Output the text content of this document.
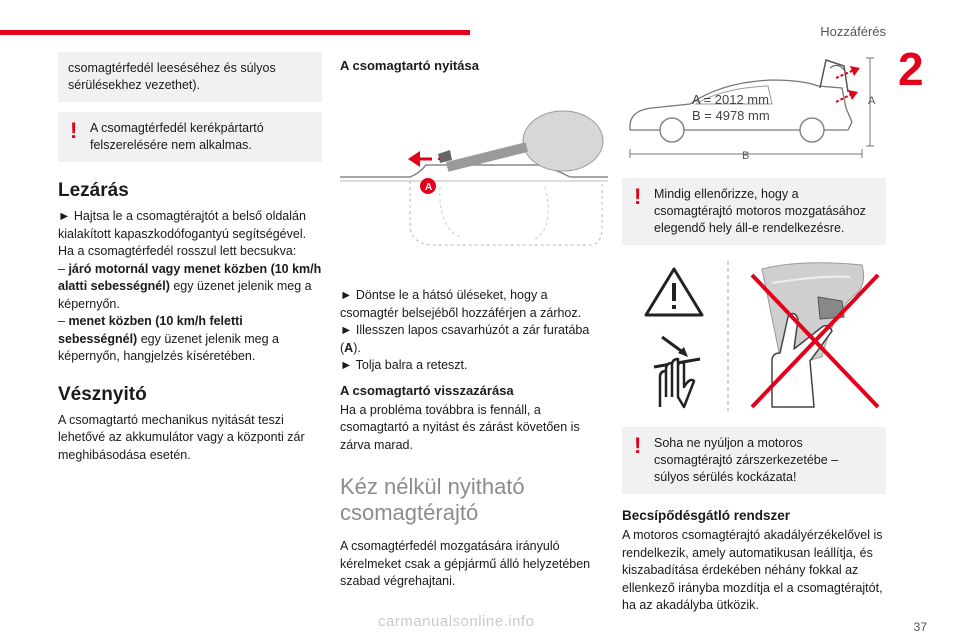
Hozzáférés
2
csomagtérfedél leeséséhez és súlyos sérülésekhez vezethet).
! A csomagtérfedél kerékpártartó felszerelésére nem alkalmas.
Lezárás
► Hajtsa le a csomagtérajtót a belső oldalán kialakított kapaszkodófogantyú segítségével.
Ha a csomagtérfedél rosszul lett becsukva:
– járó motornál vagy menet közben (10 km/h alatti sebességnél) egy üzenet jelenik meg a képernyőn.
– menet közben (10 km/h feletti sebességnél) egy üzenet jelenik meg a képernyőn, hangjelzés kíséretében.
Vésznyitó
A csomagtartó mechanikus nyitását teszi lehetővé az akkumulátor vagy a központi zár meghibásodása esetén.
A csomagtartó nyitása
A
► Döntse le a hátsó üléseket, hogy a csomagtér belsejéből hozzáférjen a zárhoz.
► Illesszen lapos csavarhúzót a zár furatába (A).
► Tolja balra a reteszt.
A csomagtartó visszazárása
Ha a probléma továbbra is fennáll, a csomagtartó a nyitást és zárást követően is zárva marad.
Kéz nélkül nyitható csomagtérajtó
A csomagtérfedél mozgatására irányuló kérelmeket csak a gépjármű álló helyzetében szabad végrehajtani.
A
B
A = 2012 mm
B = 4978 mm
! Mindig ellenőrizze, hogy a csomagtérajtó motoros mozgatásához elegendő hely áll-e rendelkezésre.
! Soha ne nyúljon a motoros csomagtérajtó zárszerkezetébe – súlyos sérülés kockázata!
Becsípődésgátló rendszer
A motoros csomagtérajtó akadályérzékelővel is rendelkezik, amely automatikusan leállítja, és kiszabadítása érdekében néhány fokkal az ellenkező irányba mozdítja el a csomagtérajtót, ha az akadályba ütközik.
carmanualsonline.info	37
